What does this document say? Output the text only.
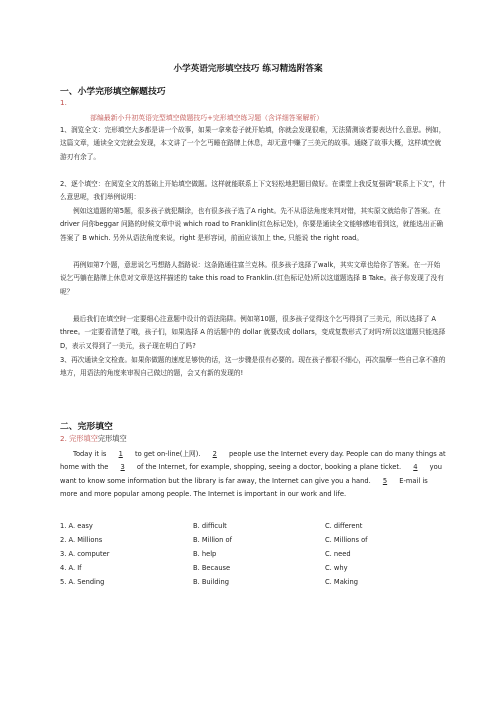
小学英语完形填空技巧 练习精选附答案
一、小学完形填空解题技巧
1.
部编最新小升初英语完型填空做题技巧+完形填空练习题（含详细答案解析）
1、润览全文：完形填空大多都是讲一个故事，如果一拿来卷子就开始填，你就会发现很难，无法猜测该者要表达什么意思。例如，这篇文章，通读全文完就会发现，本文讲了一个乞丐睡在路牌上休息，却无意中赚了三美元的故事。通晓了故事大概，这样填空就游刃有余了。
2、逐个填空：在阅览全文的基础上开始填空做题。这样就能联系上下文轻松地把题目做好。在课堂上我反复强调“联系上下文”，什么意思呢，我们举例说明：
例如这道题的第5题，很多孩子就犯糊涂，也有很多孩子选了A right。先不从语法角度来判对错，其实原文就给你了答案。在driver 问你beggar 问路的时候文章中说 which road to Franklin(红色标记处)，你要是通读全文能够感地看到这，就能选出正确答案了 B which. 另外从语法角度来说，right 是形容词，前面应该加上 the, 只能说 the right road。
再例如第7个题，意思说乞丐想路人指路说：这条路通往富兰克林。很多孩子选择了walk，其实文章也给你了答案。在一开始说乞丐躺在路牌上休息对文章是这样描述的 take this road to Franklin.(红色标记处)所以这道题选择 B Take。孩子你发现了没有呢？
最后我们在填空时一定要细心注意题中设计的语法陷阱。例如第10题，很多孩子觉得这个乞丐得到了三美元，所以选择了 A three。一定要看清楚了哦，孩子们，如果选择 A 的话题中的 dollar 就要改成 dollars，变成复数形式了对吗?所以这道题只能选择 D，表示又得到了一美元，孩子现在明白了吗?
3、再次通读全文检查。如果你做题的速度足够快的话，这一步骤是很有必要的。现在孩子都很不细心，再次揣摩一些自己拿不准的地方，用语法的角度来审视自己做过的题，会又有新的发现的!
二、完形填空
2. 完形填空完形填空
Today it is 1 to get on-line(上网). 2 people use the Internet every day. People can do many things at home with the 3 of the Internet, for example, shopping, seeing a doctor, booking a plane ticket. 4 you want to know some information but the library is far away, the Internet can give you a hand. 5 E-mail is more and more popular among people. The Internet is important in our work and life.
1. A. easy	B. difficult	C. different
2. A. Millions	B. Million of	C. Millions of
3. A. computer	B. help	C. need
4. A. If	B. Because	C. why
5. A. Sending	B. Building	C. Making
